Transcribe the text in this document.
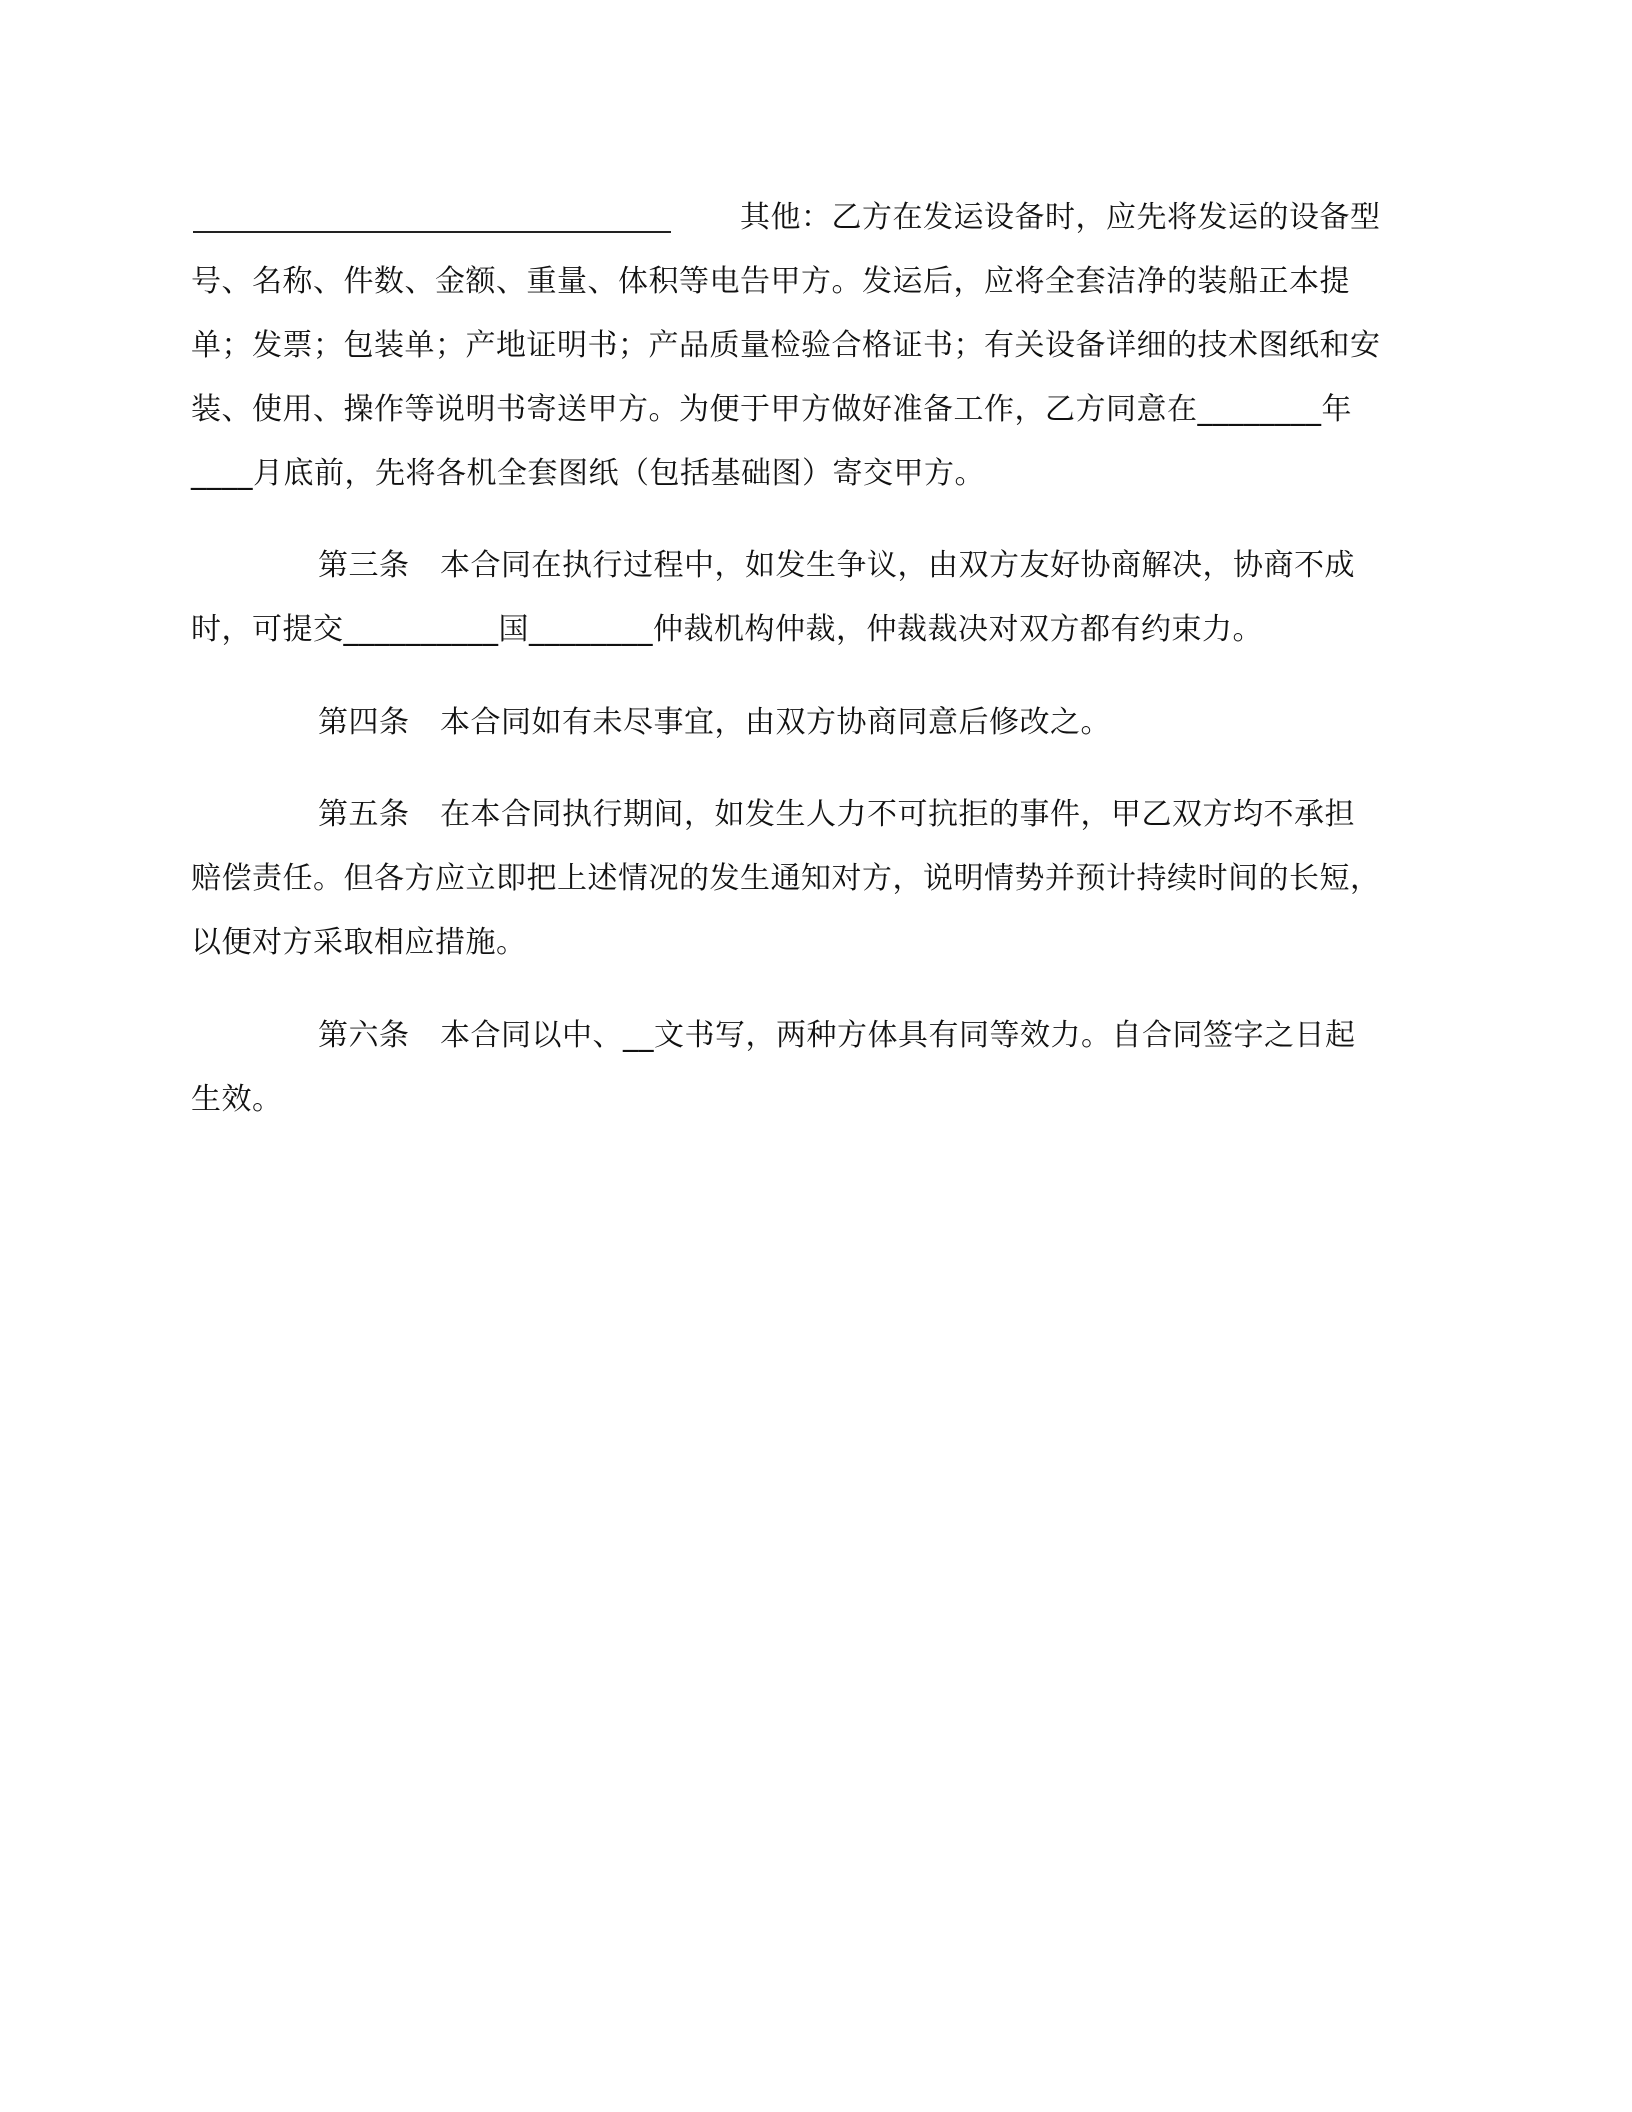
其他：乙方在发运设备时，应先将发运的设备型
号、名称、件数、金额、重量、体积等电告甲方。发运后，应将全套洁净的装船正本提
单；发票；包装单；产地证明书；产品质量检验合格证书；有关设备详细的技术图纸和安
装、使用、操作等说明书寄送甲方。为便于甲方做好准备工作，乙方同意在________年
____月底前，先将各机全套图纸（包括基础图）寄交甲方。
第三条　本合同在执行过程中，如发生争议，由双方友好协商解决，协商不成
时，可提交__________国________仲裁机构仲裁，仲裁裁决对双方都有约束力。
第四条　本合同如有未尽事宜，由双方协商同意后修改之。
第五条　在本合同执行期间，如发生人力不可抗拒的事件，甲乙双方均不承担
赔偿责任。但各方应立即把上述情况的发生通知对方，说明情势并预计持续时间的长短，
以便对方采取相应措施。
第六条　本合同以中、__文书写，两种方体具有同等效力。自合同签字之日起
生效。
